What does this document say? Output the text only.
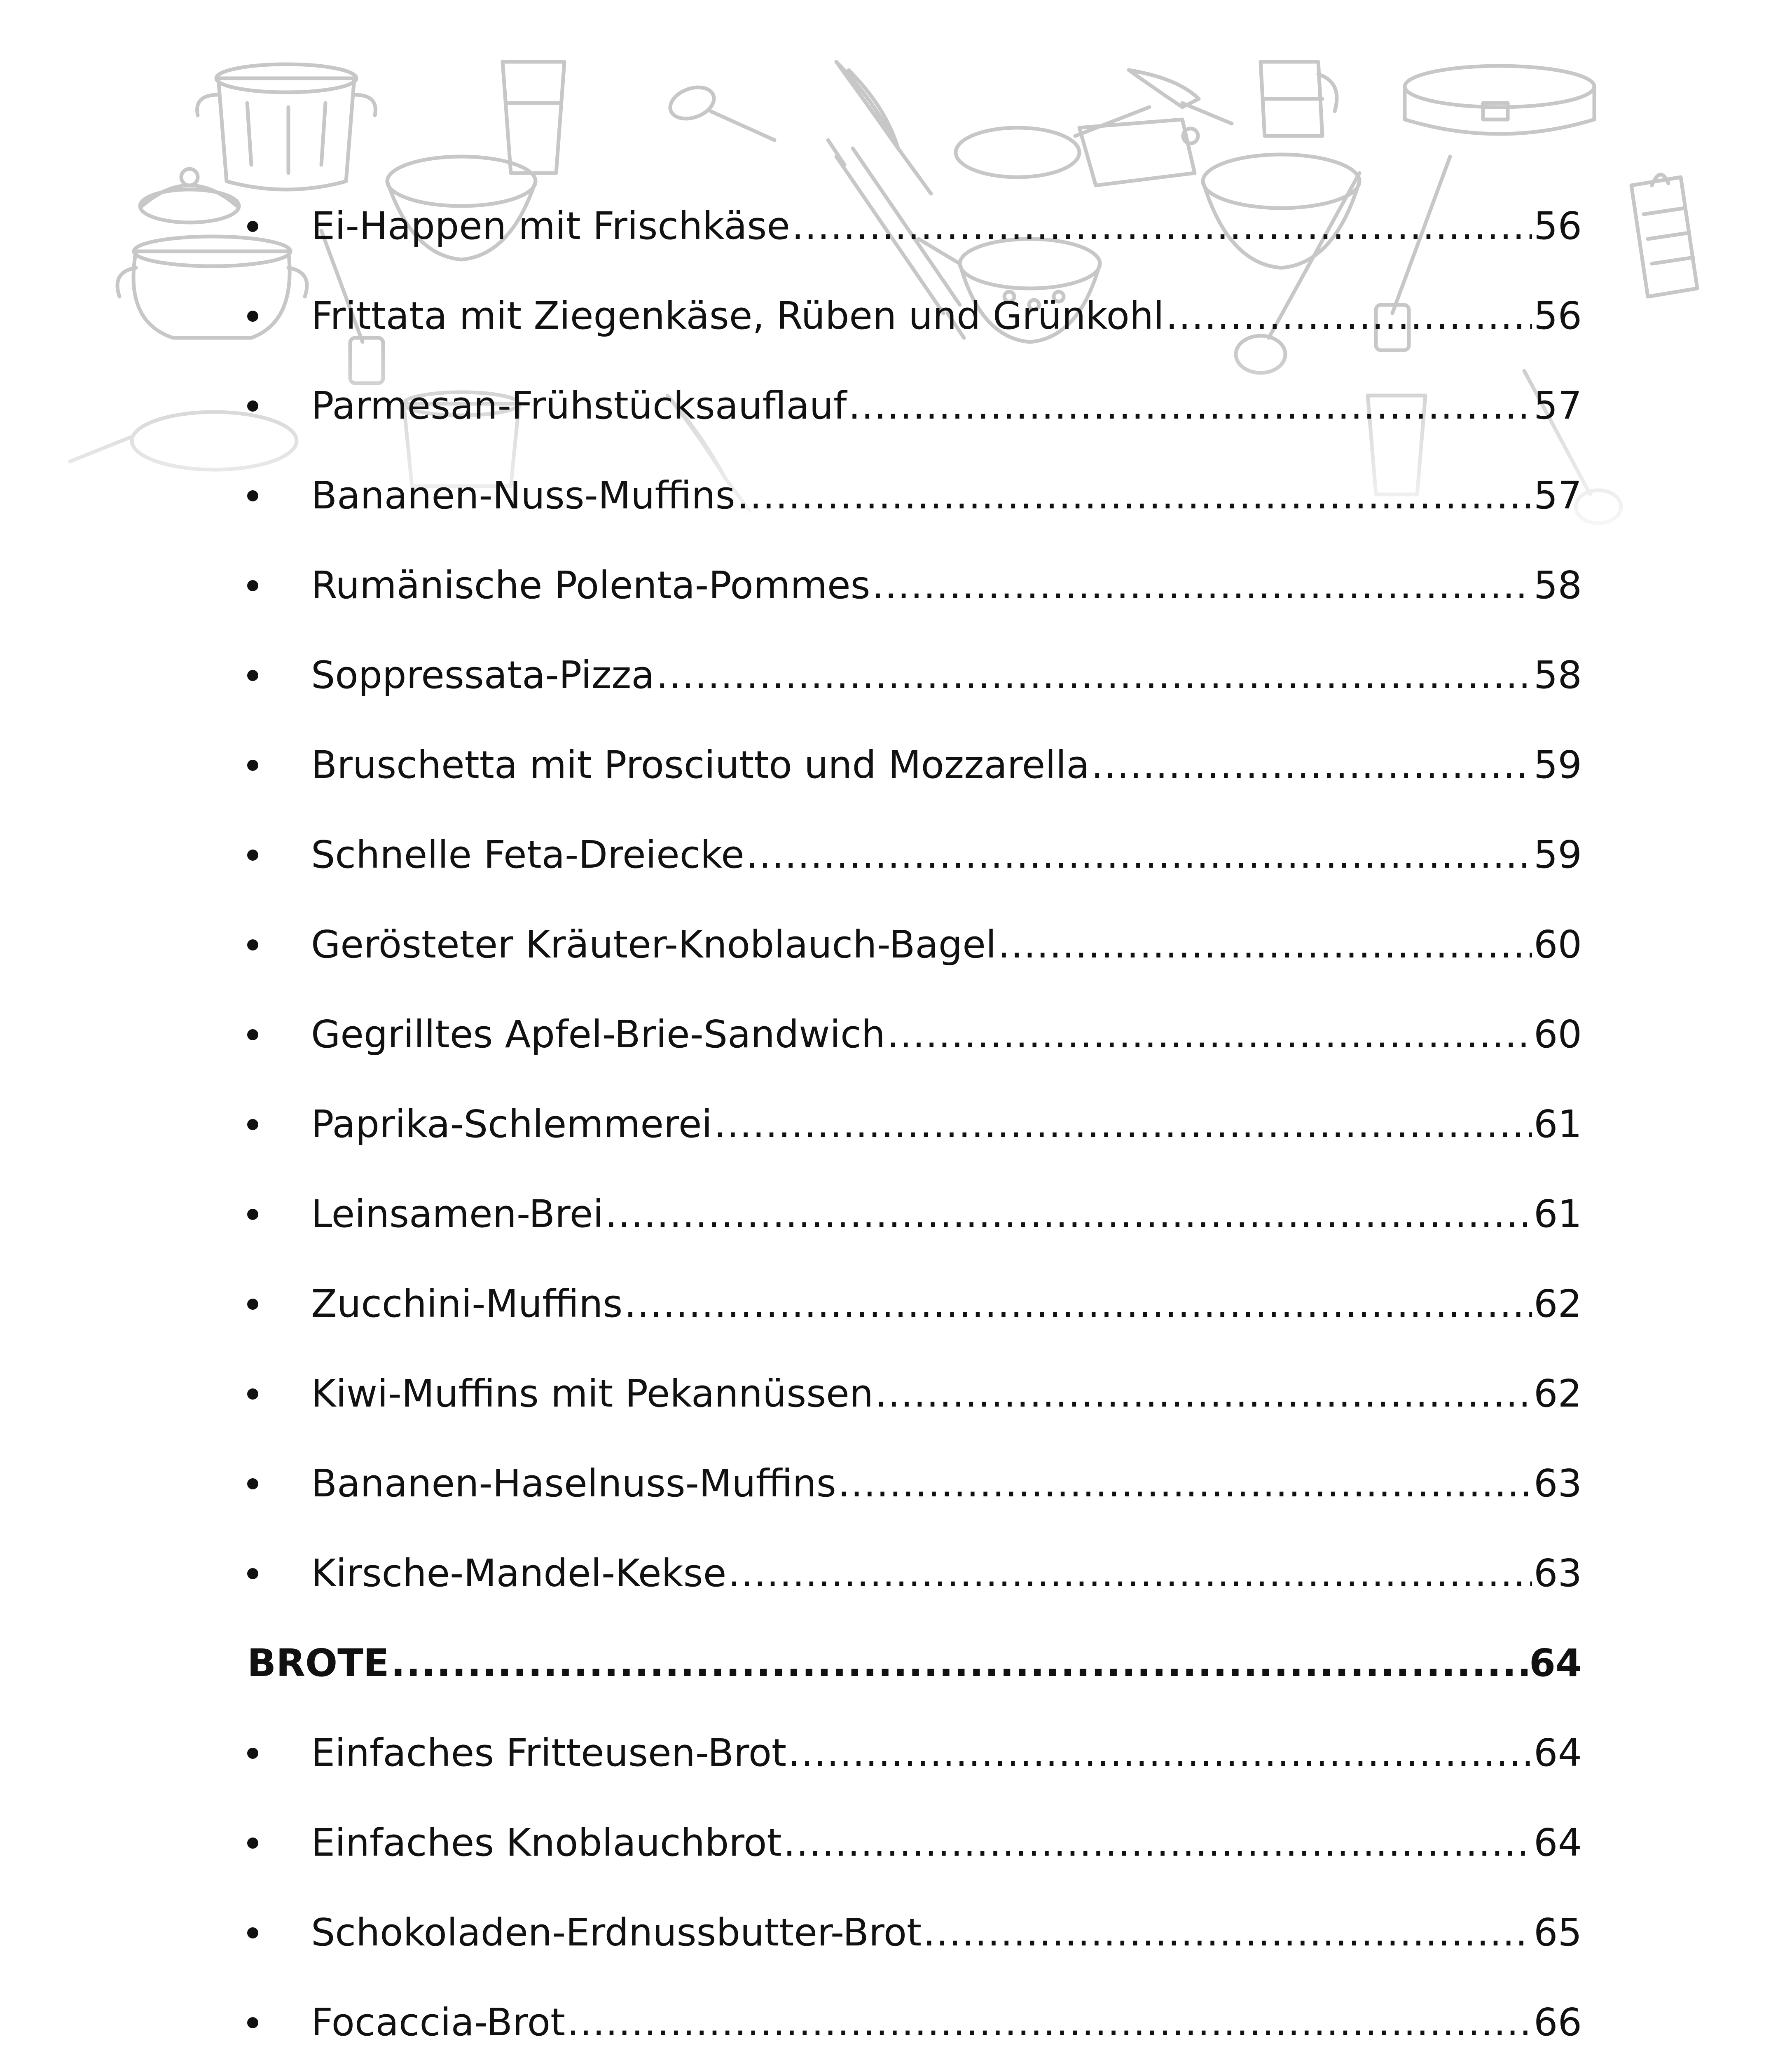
Ei-Happen mit Frischkäse .....	56
Frittata mit Ziegenkäse, Rüben und Grünkohl .....	56
Parmesan-Frühstücksauflauf .....	57
Bananen-Nuss-Muffins .....	57
Rumänische Polenta-Pommes .....	58
Soppressata-Pizza .....	58
Bruschetta mit Prosciutto und Mozzarella .....	59
Schnelle Feta-Dreiecke .....	59
Gerösteter Kräuter-Knoblauch-Bagel .....	60
Gegrilltes Apfel-Brie-Sandwich .....	60
Paprika-Schlemmerei .....	61
Leinsamen-Brei .....	61
Zucchini-Muffins .....	62
Kiwi-Muffins mit Pekannüssen .....	62
Bananen-Haselnuss-Muffins .....	63
Kirsche-Mandel-Kekse .....	63
BROTE .....	64
Einfaches Fritteusen-Brot .....	64
Einfaches Knoblauchbrot .....	64
Schokoladen-Erdnussbutter-Brot .....	65
Focaccia-Brot .....	66
